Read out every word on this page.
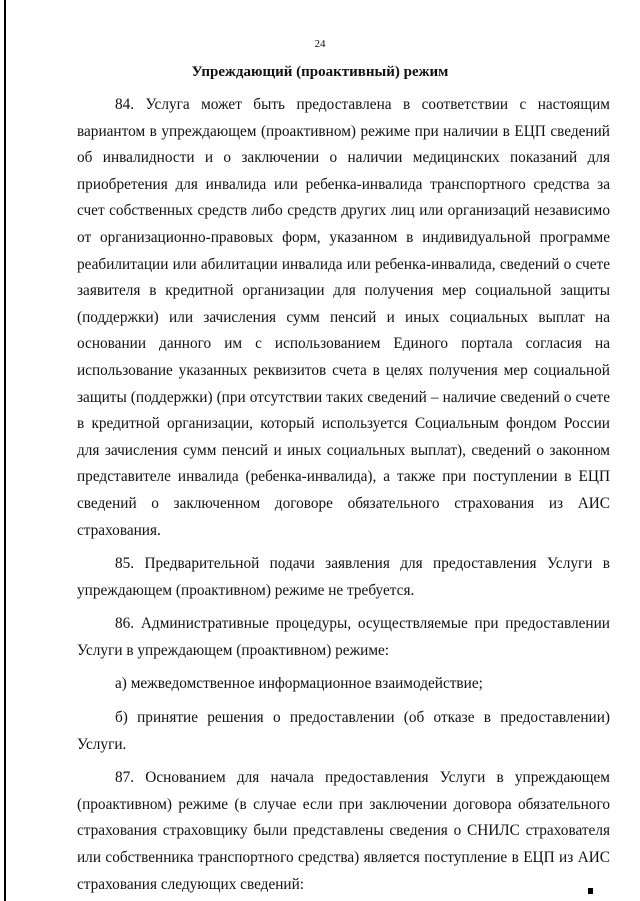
24
Упреждающий (проактивный) режим

84. Услуга может быть предоставлена в соответствии с настоящим вариантом в упреждающем (проактивном) режиме при наличии в ЕЦП сведений об инвалидности и о заключении о наличии медицинских показаний для приобретения для инвалида или ребенка-инвалида транспортного средства за счет собственных средств либо средств других лиц или организаций независимо от организационно-правовых форм, указанном в индивидуальной программе реабилитации или абилитации инвалида или ребенка-инвалида, сведений о счете заявителя в кредитной организации для получения мер социальной защиты (поддержки) или зачисления сумм пенсий и иных социальных выплат на основании данного им с использованием Единого портала согласия на использование указанных реквизитов счета в целях получения мер социальной защиты (поддержки) (при отсутствии таких сведений – наличие сведений о счете в кредитной организации, который используется Социальным фондом России для зачисления сумм пенсий и иных социальных выплат), сведений о законном представителе инвалида (ребенка-инвалида), а также при поступлении в ЕЦП сведений о заключенном договоре обязательного страхования из АИС страхования.

85. Предварительной подачи заявления для предоставления Услуги в упреждающем (проактивном) режиме не требуется.

86. Административные процедуры, осуществляемые при предоставлении Услуги в упреждающем (проактивном) режиме:

а) межведомственное информационное взаимодействие;

б) принятие решения о предоставлении (об отказе в предоставлении) Услуги.

87. Основанием для начала предоставления Услуги в упреждающем (проактивном) режиме (в случае если при заключении договора обязательного страхования страховщику были представлены сведения о СНИЛС страхователя или собственника транспортного средства) является поступление в ЕЦП из АИС страхования следующих сведений:
